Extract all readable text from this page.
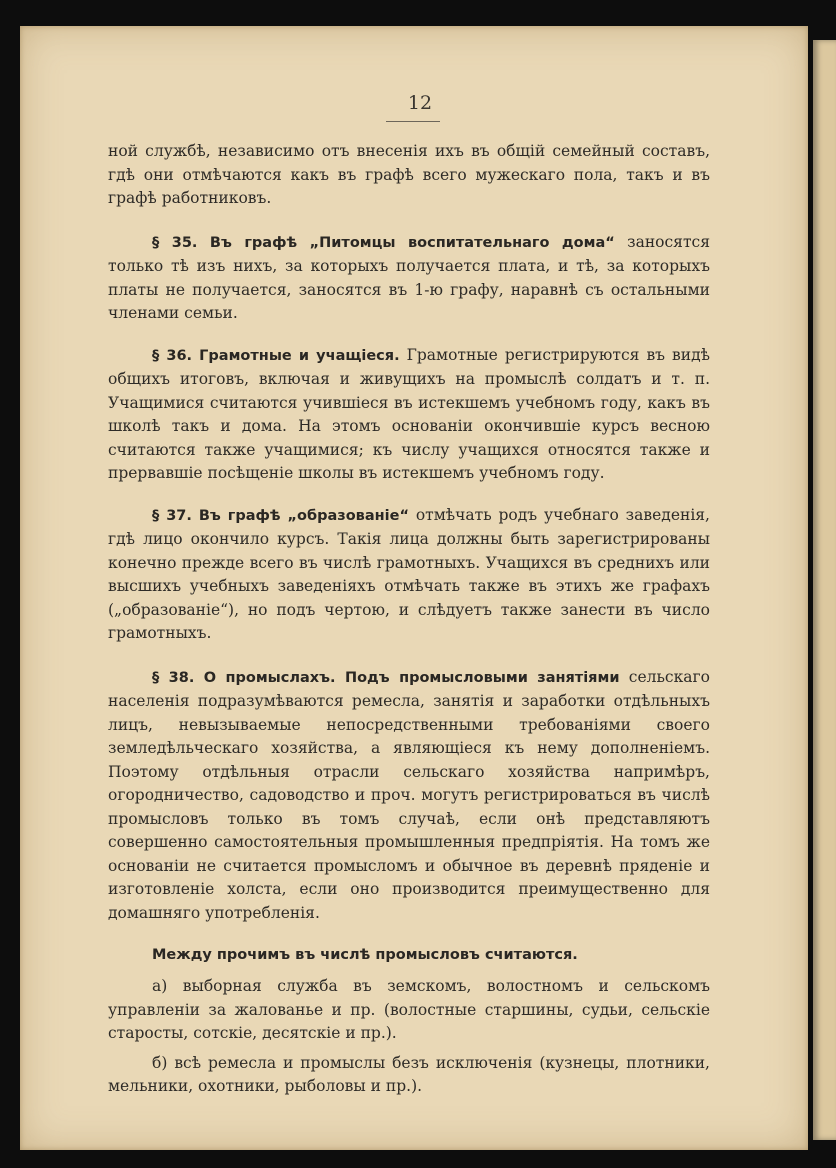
12

ной службѣ, независимо отъ внесенія ихъ въ общій семейный составъ, гдѣ они отмѣчаются какъ въ графѣ всего мужескаго пола, такъ и въ графѣ работниковъ.

§ 35. Въ графѣ „Питомцы воспитательнаго дома“ заносятся только тѣ изъ нихъ, за которыхъ получается плата, и тѣ, за которыхъ платы не получается, заносятся въ 1-ю графу, наравнѣ съ остальными членами семьи.

§ 36. Грамотные и учащіеся. Грамотные регистрируются въ видѣ общихъ итоговъ, включая и живущихъ на промыслѣ солдатъ и т. п. Учащимися считаются учившіеся въ истекшемъ учебномъ году, какъ въ школѣ такъ и дома. На этомъ основаніи окончившіе курсъ весною считаются также учащимися; къ числу учащихся относятся также и прервавшіе посѣщеніе школы въ истекшемъ учебномъ году.

§ 37. Въ графѣ „образованіе“ отмѣчать родъ учебнаго заведенія, гдѣ лицо окончило курсъ. Такія лица должны быть зарегистрированы конечно прежде всего въ числѣ грамотныхъ. Учащихся въ среднихъ или высшихъ учебныхъ заведеніяхъ отмѣчать также въ этихъ же графахъ („образованіе“), но подъ чертою, и слѣдуетъ также занести въ число грамотныхъ.

§ 38. О промыслахъ. Подъ промысловыми занятіями сельскаго населенія подразумѣваются ремесла, занятія и заработки отдѣльныхъ лицъ, невызываемые непосредственными требованіями своего земледѣльческаго хозяйства, а являющіеся къ нему дополненіемъ. Поэтому отдѣльныя отрасли сельскаго хозяйства напримѣръ, огородничество, садоводство и проч. могутъ регистрироваться въ числѣ промысловъ только въ томъ случаѣ, если онѣ представляютъ совершенно самостоятельныя промышленныя предпріятія. На томъ же основаніи не считается промысломъ и обычное въ деревнѣ пряденіе и изготовленіе холста, если оно производится преимущественно для домашняго употребленія.

Между прочимъ въ числѣ промысловъ считаются.

а) выборная служба въ земскомъ, волостномъ и сельскомъ управленіи за жалованье и пр. (волостные старшины, судьи, сельскіе старосты, сотскіе, десятскіе и пр.).

б) всѣ ремесла и промыслы безъ исключенія (кузнецы, плотники, мельники, охотники, рыболовы и пр.).
